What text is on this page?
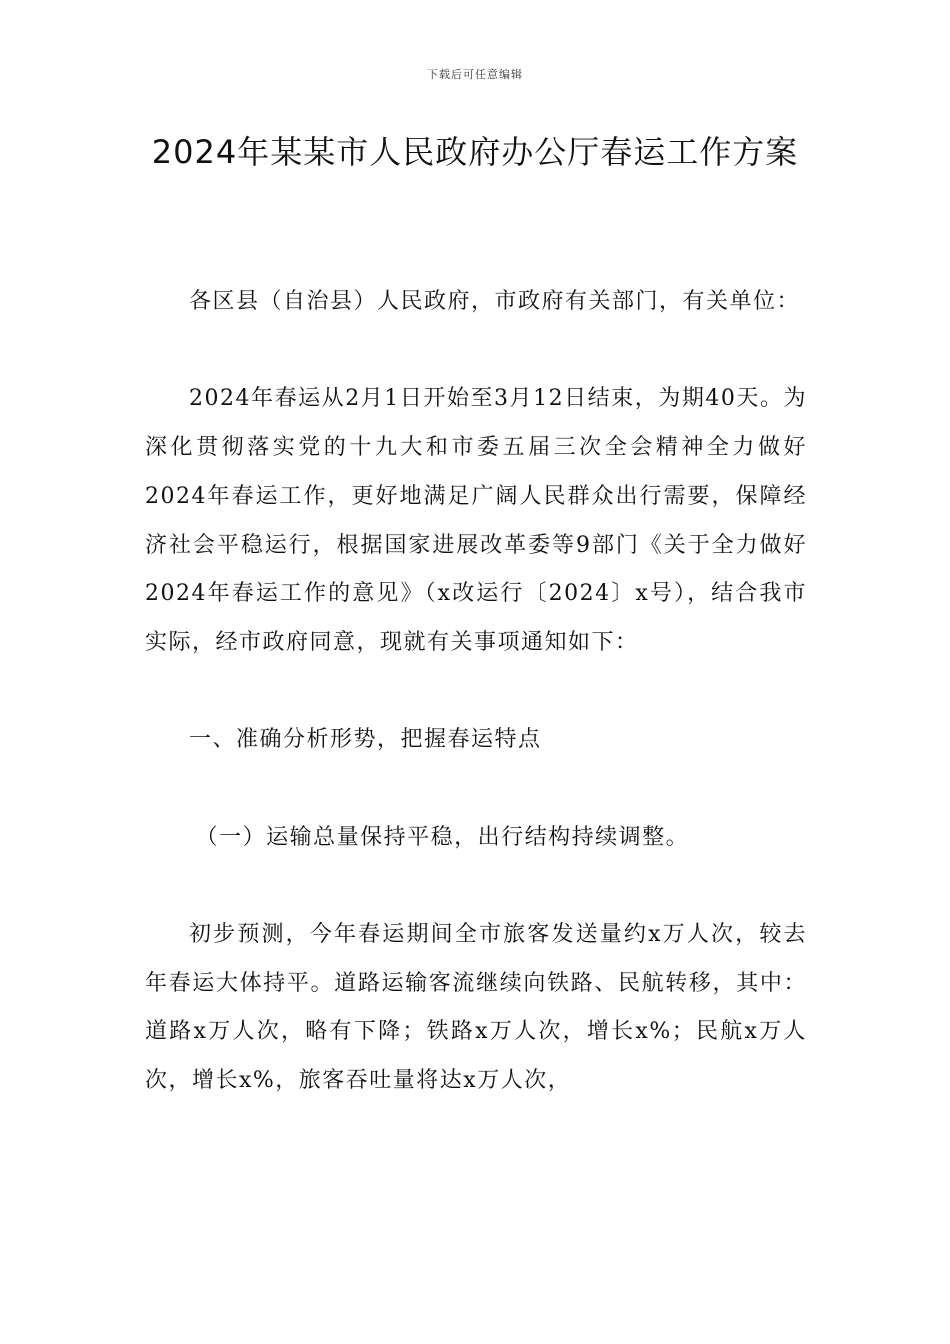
下载后可任意编辑
2024年某某市人民政府办公厅春运工作方案

各区县（自治县）人民政府，市政府有关部门，有关单位：

2024年春运从2月1日开始至3月12日结束，为期40天。为深化贯彻落实党的十九大和市委五届三次全会精神全力做好2024年春运工作，更好地满足广阔人民群众出行需要，保障经济社会平稳运行，根据国家进展改革委等9部门《关于全力做好2024年春运工作的意见》（x改运行〔2024〕x号），结合我市实际，经市政府同意，现就有关事项通知如下：

一、准确分析形势，把握春运特点

（一）运输总量保持平稳，出行结构持续调整。

初步预测，今年春运期间全市旅客发送量约x万人次，较去年春运大体持平。道路运输客流继续向铁路、民航转移，其中：道路x万人次，略有下降；铁路x万人次，增长x%；民航x万人次，增长x%，旅客吞吐量将达x万人次，
